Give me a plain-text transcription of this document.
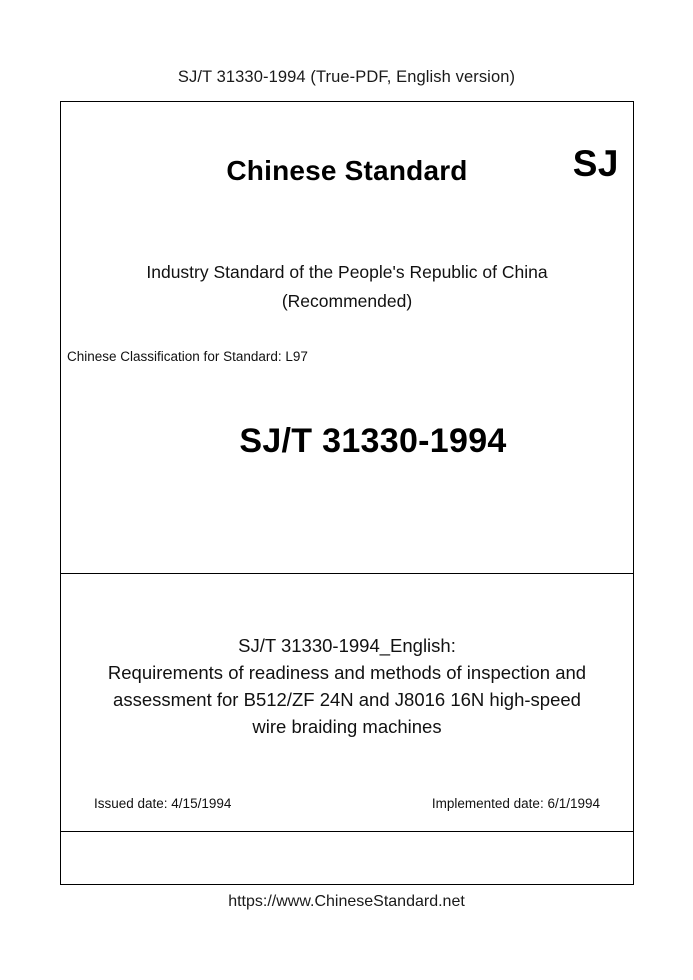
SJ/T 31330-1994 (True-PDF, English version)
Chinese Standard	SJ
Industry Standard of the People's Republic of China
(Recommended)
Chinese Classification for Standard: L97
SJ/T 31330-1994
SJ/T 31330-1994_English:
Requirements of readiness and methods of inspection and
assessment for B512/ZF 24N and J8016 16N high-speed
wire braiding machines
Issued date: 4/15/1994	Implemented date: 6/1/1994
https://www.ChineseStandard.net
